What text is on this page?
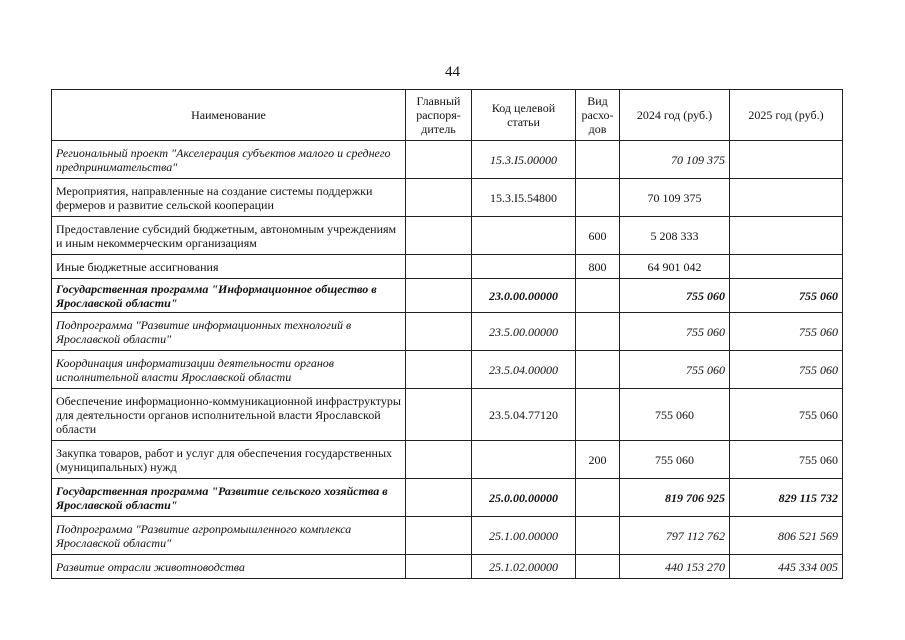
44
Наименование	Главный распоря-дитель	Код целевой статьи	Вид расхо-дов	2024 год (руб.)	2025 год (руб.)
Региональный проект "Акселерация субъектов малого и среднего предпринимательства"		15.3.I5.00000		70 109 375	
Мероприятия, направленные на создание системы поддержки фермеров и развитие сельской кооперации		15.3.I5.54800		70 109 375	
Предоставление субсидий бюджетным, автономным учреждениям и иным некоммерческим организациям			600	5 208 333	
Иные бюджетные ассигнования			800	64 901 042	
Государственная программа "Информационное общество в Ярославской области"		23.0.00.00000		755 060	755 060
Подпрограмма "Развитие информационных технологий в Ярославской области"		23.5.00.00000		755 060	755 060
Координация информатизации деятельности органов исполнительной власти Ярославской области		23.5.04.00000		755 060	755 060
Обеспечение информационно-коммуникационной инфраструктуры для деятельности органов исполнительной власти Ярославской области		23.5.04.77120		755 060	755 060
Закупка товаров, работ и услуг для обеспечения государственных (муниципальных) нужд			200	755 060	755 060
Государственная программа "Развитие сельского хозяйства в Ярославской области"		25.0.00.00000		819 706 925	829 115 732
Подпрограмма "Развитие агропромышленного комплекса Ярославской области"		25.1.00.00000		797 112 762	806 521 569
Развитие отрасли животноводства		25.1.02.00000		440 153 270	445 334 005
